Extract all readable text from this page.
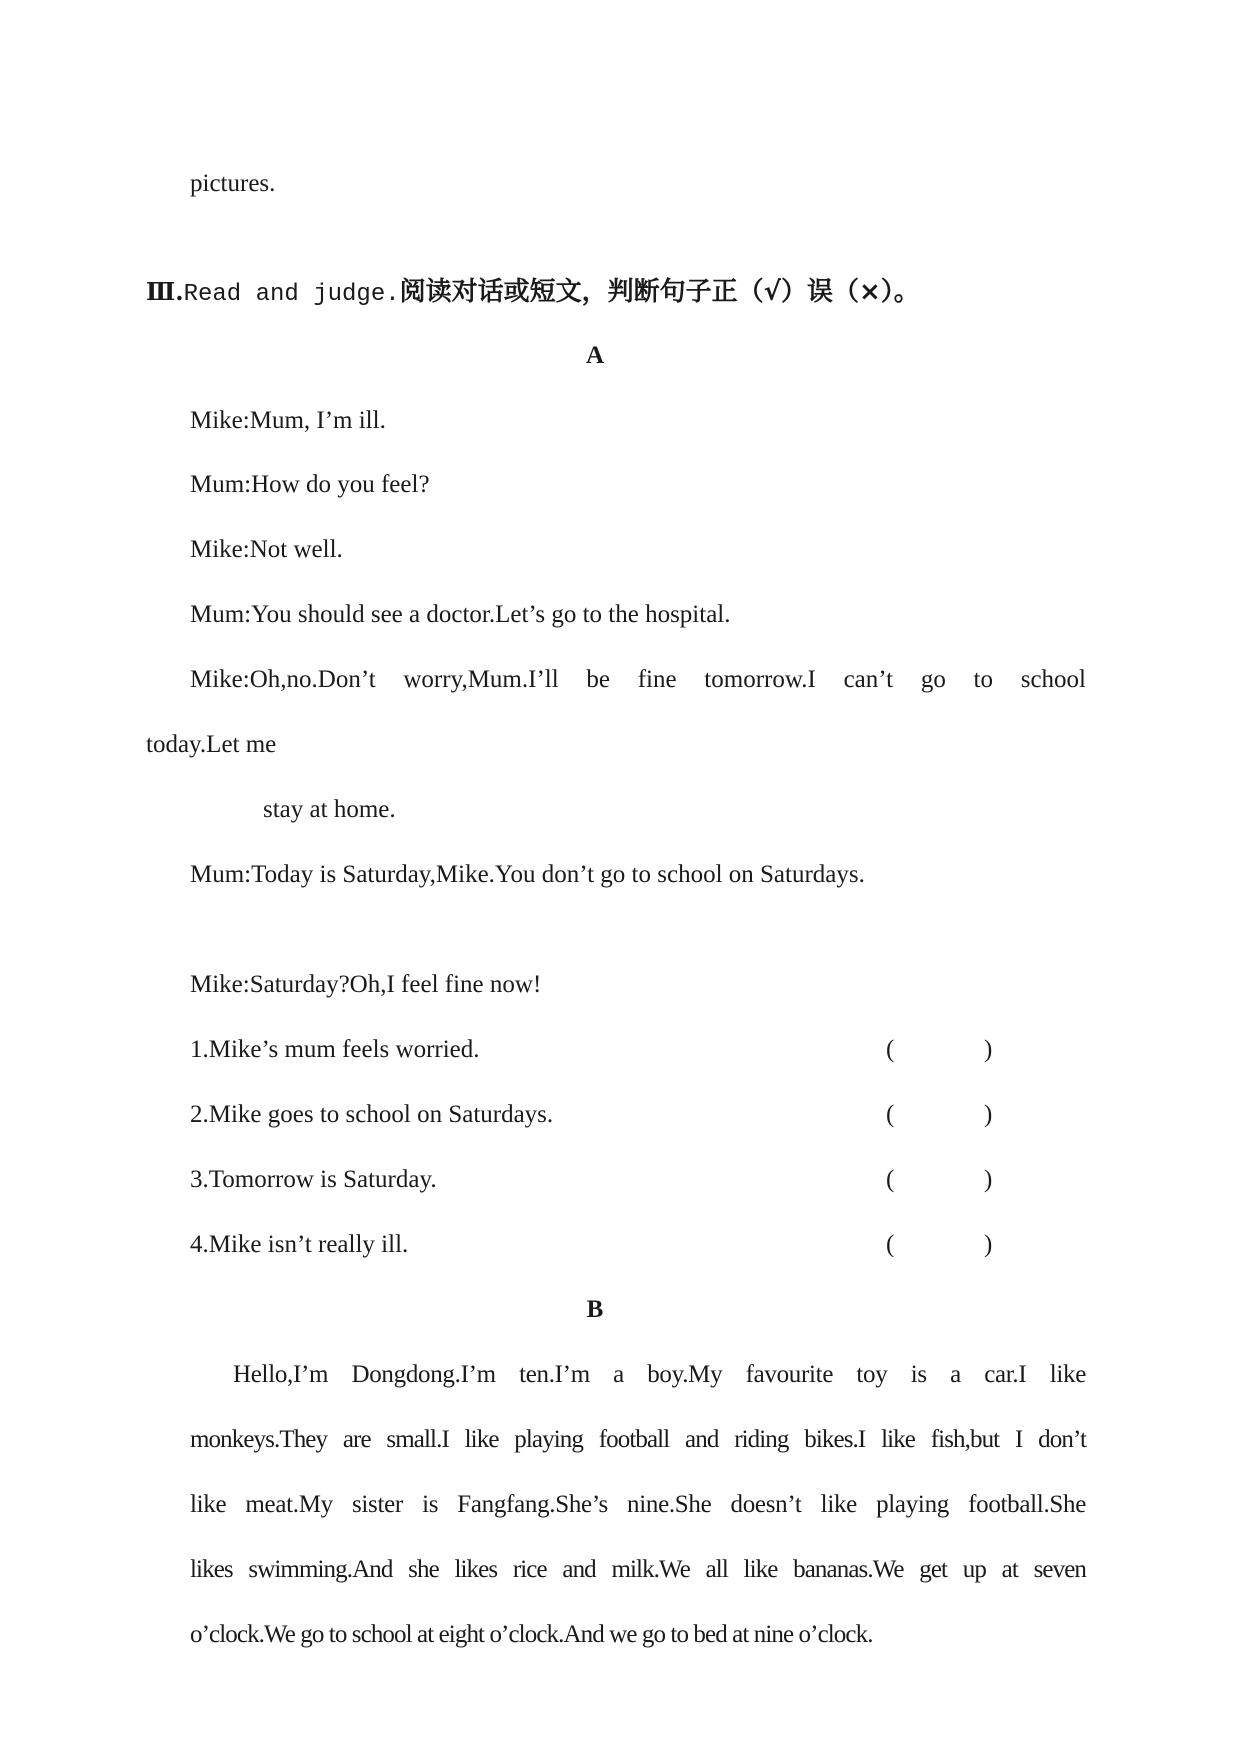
pictures.
Ⅲ.Read and judge.阅读对话或短文，判断句子正（√）误（×）。
A
Mike:Mum, I’m ill.
Mum:How do you feel?
Mike:Not well.
Mum:You should see a doctor.Let’s go to the hospital.
Mike:Oh,no.Don’t worry,Mum.I’ll be fine tomorrow.I can’t go to school
today.Let me
stay at home.
Mum:Today is Saturday,Mike.You don’t go to school on Saturdays.
Mike:Saturday?Oh,I feel fine now!
1.Mike’s mum feels worried.	(	)
2.Mike goes to school on Saturdays.	(	)
3.Tomorrow is Saturday.	(	)
4.Mike isn’t really ill.	(	)
B
Hello,I’m Dongdong.I’m ten.I’m a boy.My favourite toy is a car.I like
monkeys.They are small.I like playing football and riding bikes.I like fish,but I don’t
like meat.My sister is Fangfang.She’s nine.She doesn’t like playing football.She
likes swimming.And she likes rice and milk.We all like bananas.We get up at seven
o’clock.We go to school at eight o’clock.And we go to bed at nine o’clock.
